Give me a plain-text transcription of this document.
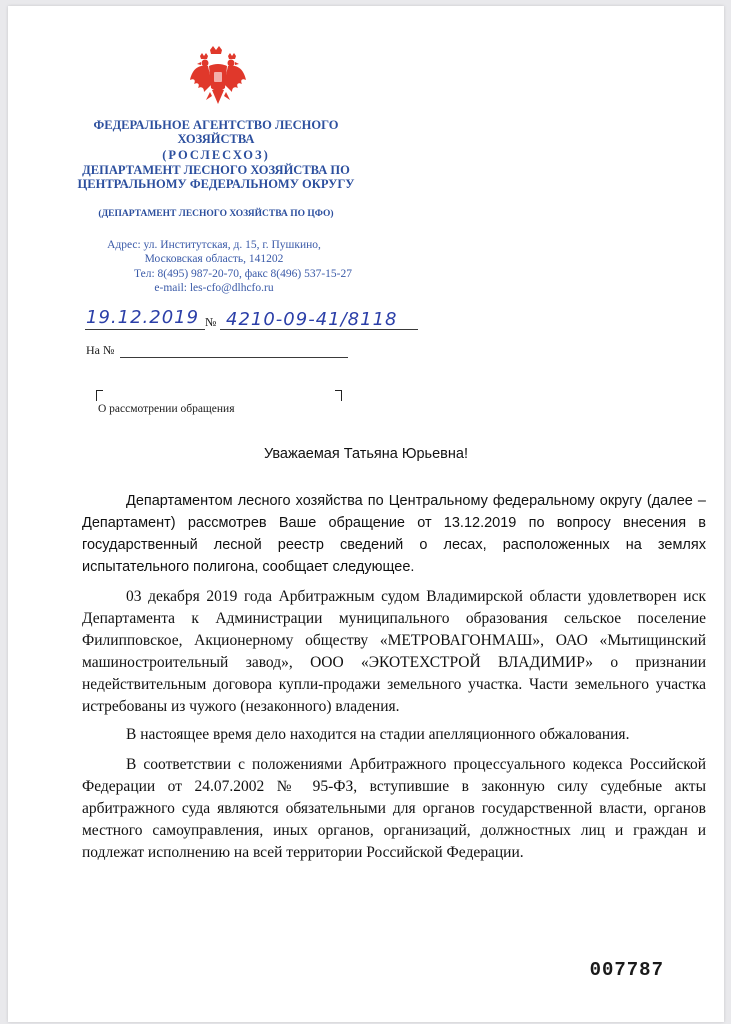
ФЕДЕРАЛЬНОЕ АГЕНТСТВО ЛЕСНОГО ХОЗЯЙСТВА

(РОСЛЕСХОЗ)

ДЕПАРТАМЕНТ ЛЕСНОГО ХОЗЯЙСТВА ПО ЦЕНТРАЛЬНОМУ ФЕДЕРАЛЬНОМУ ОКРУГУ

(ДЕПАРТАМЕНТ ЛЕСНОГО ХОЗЯЙСТВА ПО ЦФО)

Адрес: ул. Институтская, д. 15, г. Пушкино,
Московская область, 141202
Тел: 8(495) 987-20-70, факс 8(496) 537-15-27
e-mail: les-cfo@dlhcfo.ru
19.12.2019 № 4210-09-41/8118
На №
О рассмотрении обращения
Уважаемая Татьяна Юрьевна!

Департаментом лесного хозяйства по Центральному федеральному округу (далее – Департамент) рассмотрев Ваше обращение от 13.12.2019 по вопросу внесения в государственный лесной реестр сведений о лесах, расположенных на землях испытательного полигона, сообщает следующее.

03 декабря 2019 года Арбитражным судом Владимирской области удовлетворен иск Департамента к Администрации муниципального образования сельское поселение Филипповское, Акционерному обществу «МЕТРОВАГОНМАШ», ОАО «Мытищинский машиностроительный завод», ООО «ЭКОТЕХСТРОЙ ВЛАДИМИР» о признании недействительным договора купли-продажи земельного участка. Части земельного участка истребованы из чужого (незаконного) владения.

В настоящее время дело находится на стадии апелляционного обжалования.

В соответствии с положениями Арбитражного процессуального кодекса Российской Федерации от 24.07.2002 № 95-ФЗ, вступившие в законную силу судебные акты арбитражного суда являются обязательными для органов государственной власти, органов местного самоуправления, иных органов, организаций, должностных лиц и граждан и подлежат исполнению на всей территории Российской Федерации.

007787
